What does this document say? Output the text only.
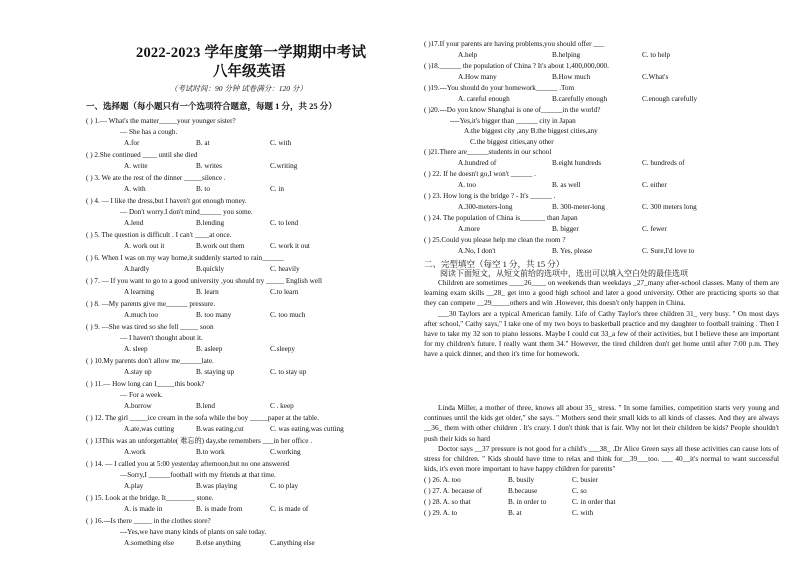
2022-2023 学年度第一学期期中考试
八年级英语
（考试时间：90 分钟 试卷满分：120 分）
一、选择题（每小题只有一个选项符合题意，每题 1 分，共 25 分）
( ) 1.— What's the matter_____your younger sister?
— She has a cough.
A.for	B. at	C. with
( ) 2.She continued ____ until she died
A. write	B. writes	C.writing
( ) 3. We ate the rest of the dinner _____silence .
A. with	B. to	C. in
( ) 4. — I like the dress,but I haven't got enough money.
— Don't worry.I don't mind______ you some.
A.lend	B.lending	C. to lend
( ) 5. The question is difficult . I can't ____at once.
A. work out it	B.work out them	C. work it out
( ) 6. When I was on my way home,it suddenly started to rain______
A.hardly	B.quickly	C. heavily
( ) 7. — If you want to go to a good university ,you should try _____ English well
A learning	B. learn	C.to learn
( ) 8. —My parents give me______ pressure.
A.much too	B. too many	C. too much
( ) 9. —She was tired so she fell _____ soon
— I haven't thought about it.
A. sleep	B. asleep	C.sleepy
( ) 10.My parents don't allow me______late.
A.stay up	B. staying up	C. to stay up
( ) 11.— How long can I_____this book?
— For a week.
A.borrow	B.lend	C . keep
( ) 12. The girl _____ice cream in the sofa while the boy _____paper at the table.
A.ate,was cutting	B.was eating,cut	C. was eating,was cutting
( ) 13This was an unforgettable( 难忘的) day,she remembers ___in her office .
A.work	B.to work	C.working
( ) 14. — I called you at 5:00 yesterday afternoon,but no one answered
—Sorry,I ______football with my friends at that time.
A.play	B.was playing	C. to play
( ) 15. Look at the bridge. It________ stone.
A. is made in	B. is made from	C. is made of
( ) 16.---Is there _____ in the clothes store?
---Yes,we have many kinds of plants on sale today.
A.something else	B.else anything	C.anything else
( )17.If your parents are having problems,you should offer ___
A.help	B.helping	C. to help
( )18.______ the population of China ? It's about 1,400,000,000.
A.How many	B.How much	C.What's
( )19.---You should do your homework______ .Tom
A. careful enough	B.carefully enough	C.enough carefully
( )20.---Do you know Shanghai is one of______in the world?
----Yes,it's bigger than ______ city in Japan
A.the biggest city ,any B.the biggest cities,any
C.the biggest cities,any other
( )21.There are______students in our school
A.hundred of	B.eight hundreds	C. hundreds of
( ) 22. If he doesn't go,I won't ______ .
A. too	B. as well	C. either
( ) 23. How long is the bridge ? - It's ______ .
A.300-meters-long	B. 300-meter-long	C. 300 meters long
( ) 24. The population of China is_______ than Japan
A.more	B. bigger	C. fewer
( ) 25.Could you please help me clean the room ?
A.No, I don't	B. Yes, please	C. Sure,I'd love to
二、完型填空（每空 1 分，共 15 分）
阅读下面短文，从短文前给的选项中，选出可以填入空白处的最佳选项

Children are sometimes ____26____ on weekends than weekdays _27_many after-school classes. Many of them are learning exam skills __28_ get into a good high school and later a good university. Other are practicing sports so that they can compete __29_____others and win .However, this doesn't only happen in China.

___30 Taylors are a typical American family. Life of Cathy Taylor's three children 31_ very busy. " On most days after school," Cathy says," I take one of my two boys to basketball practice and my daughter to football training . Then I have to take my 32 son to piano lessons. Maybe I could cut 33_a few of their activities, but I believe these are important for my children's future. I really want them 34." However, the tired children don't get home until after 7:00 p.m. They have a quick dinner, and then it's time for homework.

Linda Miller, a mother of three, knows all about 35_ stress. " In some families, competition starts very young and continues until the kids get older," she says. " Mothers send their small kids to all kinds of classes. And they are always __36_ them with other children . It's crazy. I don't think that is fair. Why not let their children be kids? People shouldn't push their kids so hard

Doctor says __37 pressure is not good for a child's ___38_ .Dr Alice Green says all these activities can cause lots of stress for children. " Kids should have time to relax and think for__39___too. ___ 40__it's normal to want successful kids, it's even more important to have happy children for parents"

( ) 26. A. too	B. busily	C. busier
( ) 27. A. because of	B.because	C. so
( ) 28. A. so that	B. in order to	C. in order that
( ) 29. A. to	B. at	C. with
